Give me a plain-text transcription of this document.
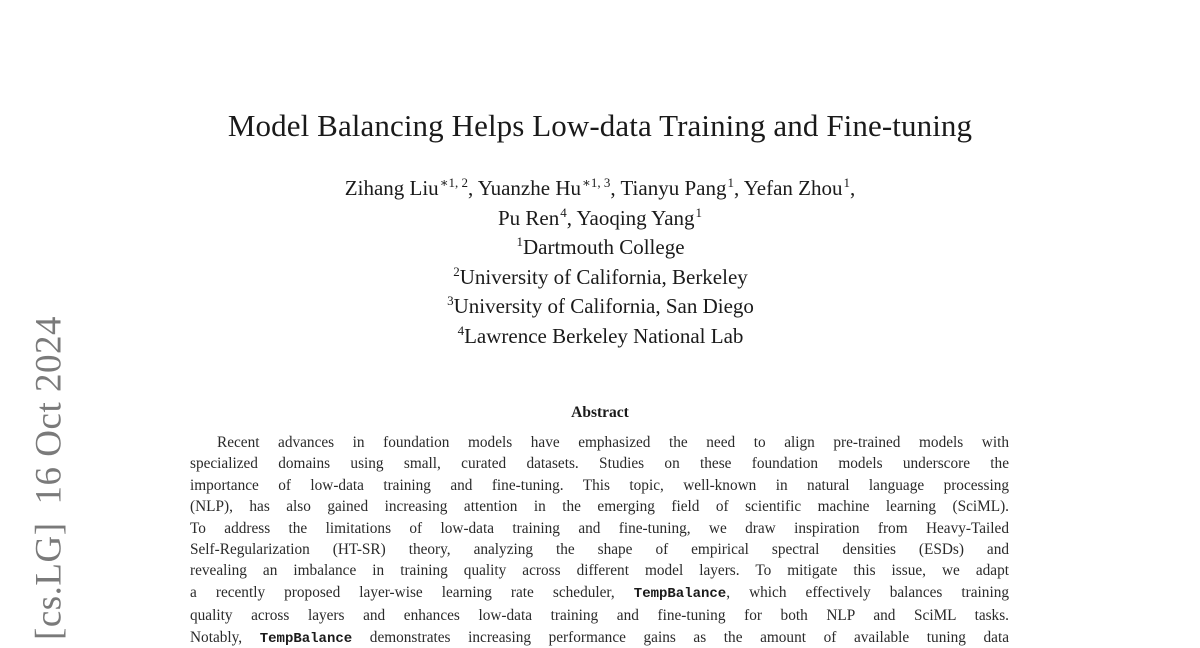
[cs.LG]16 Oct 2024
Model Balancing Helps Low-data Training and Fine-tuning
Zihang Liu$^{∗1, 2}$, Yuanzhe $Hu^{∗1, 3}$, Tianyu Pang$^1$, Yefan Zhou$^1$,
Pu Ren$^4$, Yaoqing Yang$^1$
$^1$Dartmouth College
$^2$University of California, Berkeley
$^3$University of California, San Diego
$^4$Lawrence Berkeley National Lab
Abstract
Recent advances in foundation models have emphasized the need to align pre-trained models with
specialized domains using small, curated datasets. Studies on these foundation models underscore the
importance of low-data training and fine-tuning. This topic, well-known in natural language processing
(NLP), has also gained increasing attention in the emerging field of scientific machine learning (SciML).
To address the limitations of low-data training and fine-tuning, we draw inspiration from Heavy-Tailed
Self-Regularization (HT-SR) theory, analyzing the shape of empirical spectral densities (ESDs) and
revealing an imbalance in training quality across different model layers. To mitigate this issue, we adapt
a recently proposed layer-wise learning rate scheduler, TempBalance, which effectively balances training
quality across layers and enhances low-data training and fine-tuning for both NLP and SciML tasks.
Notably, TempBalance demonstrates increasing performance gains as the amount of available tuning data
